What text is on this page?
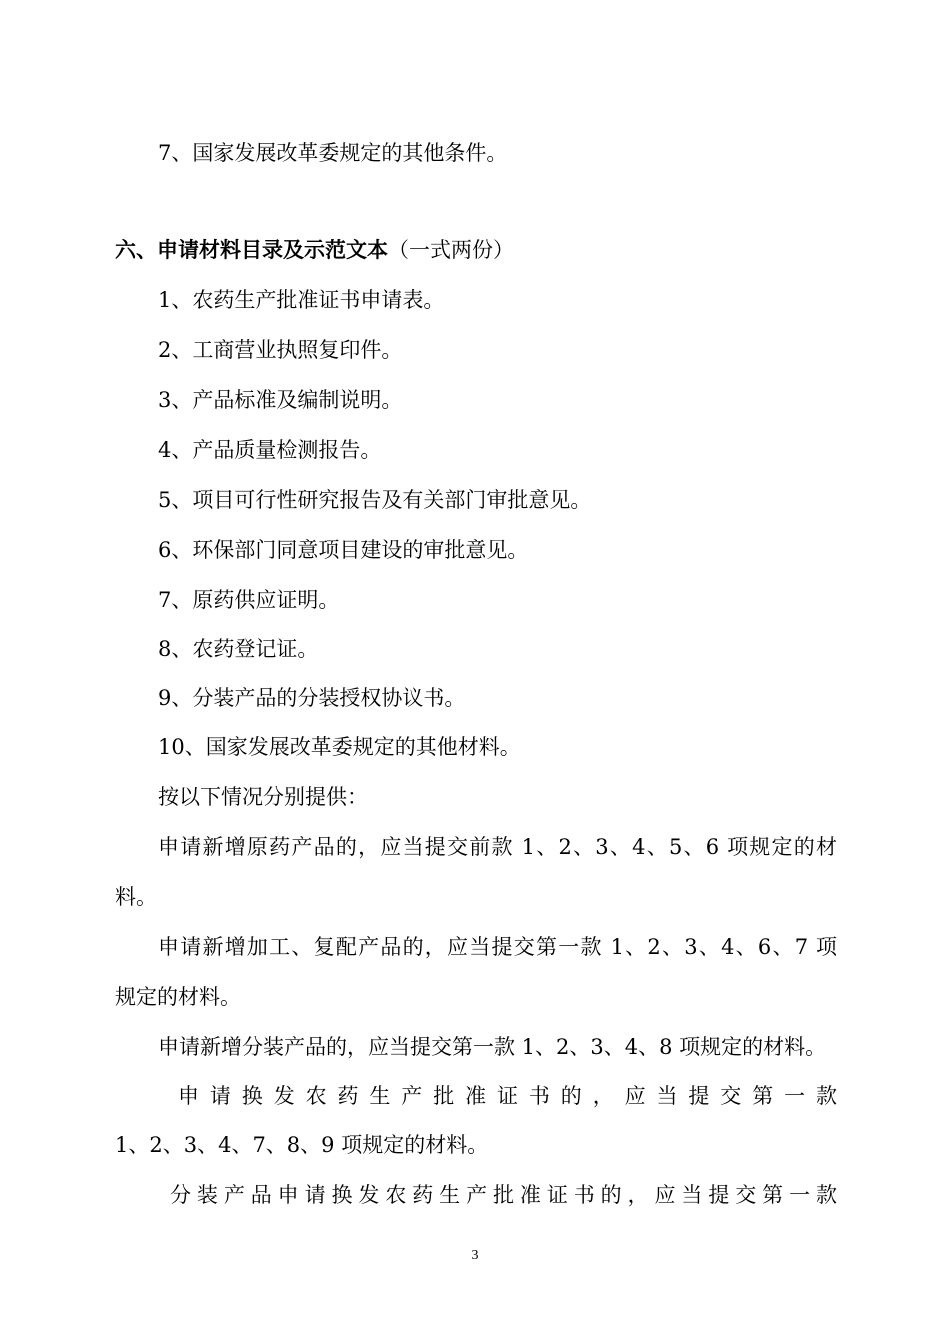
7、国家发展改革委规定的其他条件。
六、申请材料目录及示范文本（一式两份）
1、农药生产批准证书申请表。
2、工商营业执照复印件。
3、产品标准及编制说明。
4、产品质量检测报告。
5、项目可行性研究报告及有关部门审批意见。
6、环保部门同意项目建设的审批意见。
7、原药供应证明。
8、农药登记证。
9、分装产品的分装授权协议书。
10、国家发展改革委规定的其他材料。
按以下情况分别提供：
申请新增原药产品的，应当提交前款 1、2、3、4、5、6 项规定的材
料。
申请新增加工、复配产品的，应当提交第一款 1、2、3、4、6、7 项
规定的材料。
申请新增分装产品的，应当提交第一款 1、2、3、4、8 项规定的材料。
申请换发农药生产批准证书的，应当提交第一款
1、2、3、4、7、8、9 项规定的材料。
分装产品申请换发农药生产批准证书的，应当提交第一款
3
